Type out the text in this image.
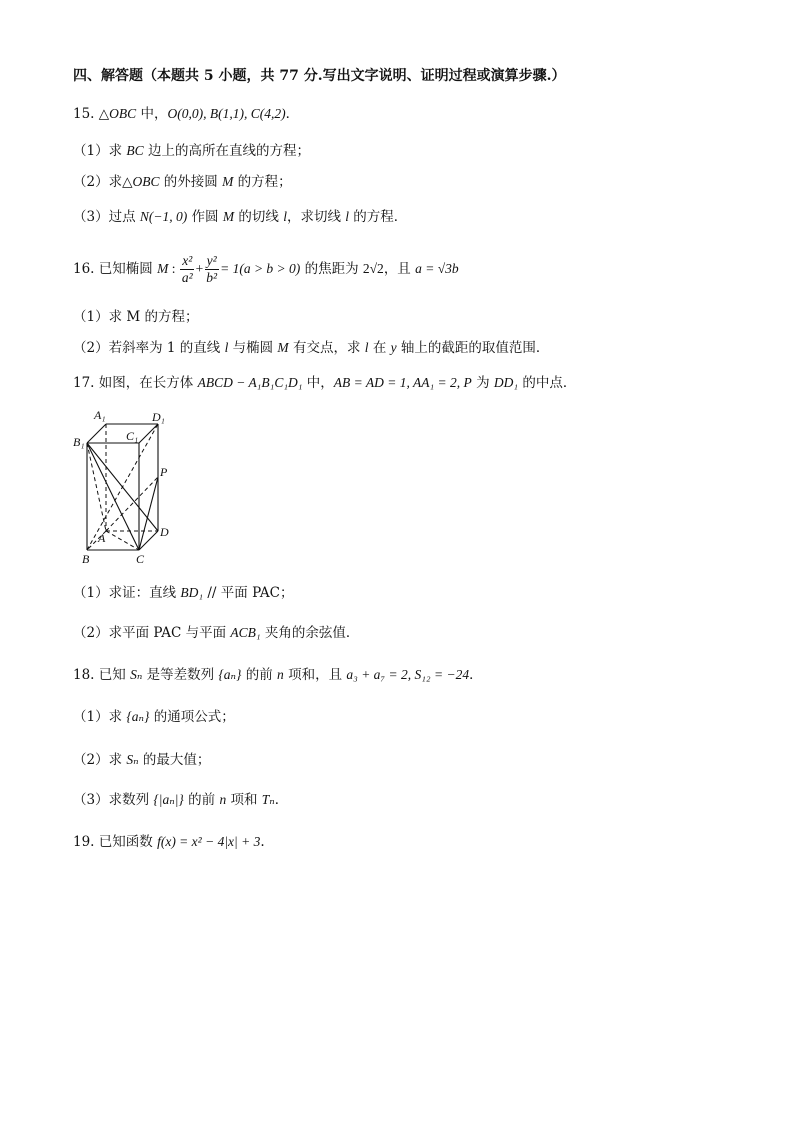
四、解答题（本题共 5 小题，共 77 分.写出文字说明、证明过程或演算步骤.）
15. △OBC 中，O(0,0), B(1,1), C(4,2)．
（1）求 BC 边上的高所在直线的方程；
（2）求△OBC 的外接圆 M 的方程；
（3）过点 N(−1, 0) 作圆 M 的切线 l，求切线 l 的方程．
16. 已知椭圆 M : $\frac{\text{x²}}{\text{a²}} + \frac{\text{y²}}{\text{b²}} = 1(a > b > 0)$ 的焦距为 2√2，且 a = √3b
（1）求 M 的方程；
（2）若斜率为 1 的直线 l 与椭圆 M 有交点，求 l 在 y 轴上的截距的取值范围．
17. 如图，在长方体 ABCD − A₁B₁C₁D₁ 中，AB = AD = 1, AA₁ = 2, P 为 DD₁ 的中点．
A₁	D₁
B₁	C₁
P
A	D
B	C
（1）求证：直线 BD₁ // 平面 PAC；
（2）求平面 PAC 与平面 ACB₁ 夹角的余弦值．
18. 已知 Sₙ 是等差数列 {aₙ} 的前 n 项和，且 a₃ + a₇ = 2, S₁₂ = −24．
（1）求 {aₙ} 的通项公式；
（2）求 Sₙ 的最大值；
（3）求数列 {|aₙ|} 的前 n 项和 Tₙ．
19. 已知函数 f(x) = x² − 4|x| + 3.
